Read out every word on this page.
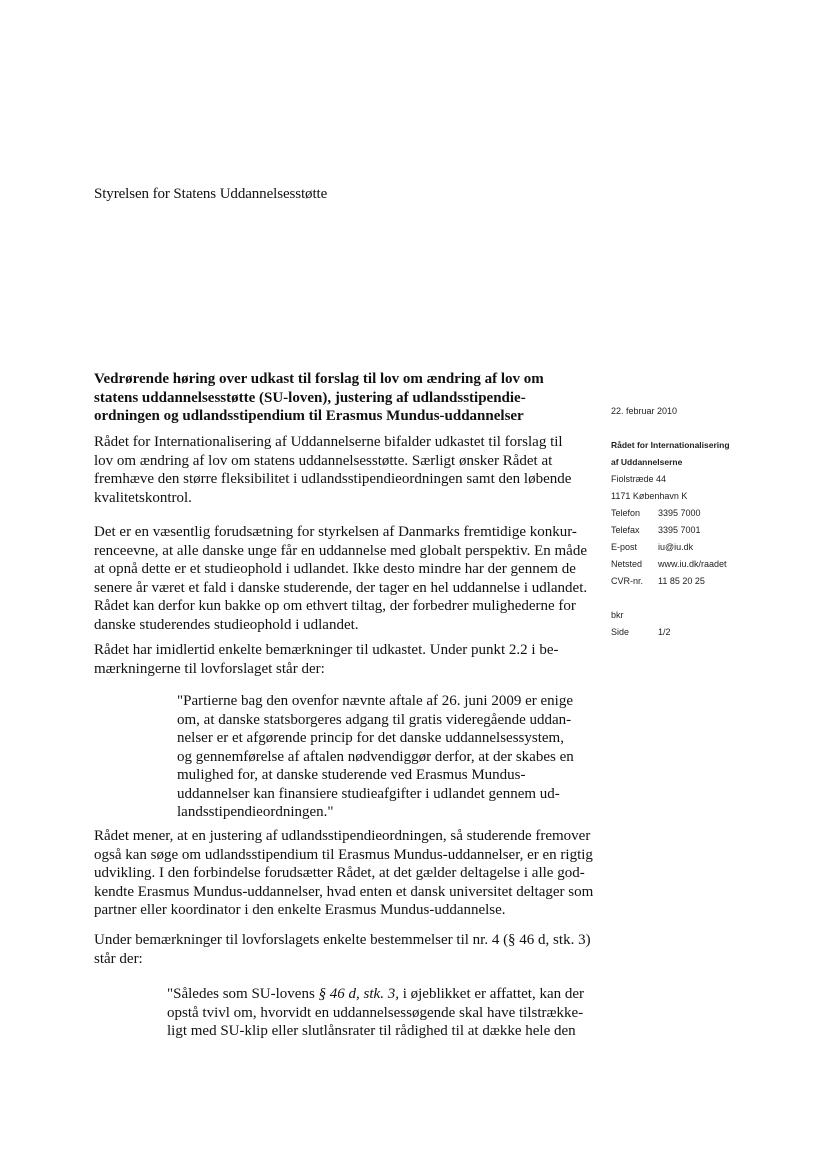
Styrelsen for Statens Uddannelsesstøtte
Vedrørende høring over udkast til forslag til lov om ændring af lov om
statens uddannelsesstøtte (SU-loven), justering af udlandsstipendie-
ordningen og udlandsstipendium til Erasmus Mundus-uddannelser
Rådet for Internationalisering af Uddannelserne bifalder udkastet til forslag til
lov om ændring af lov om statens uddannelsesstøtte. Særligt ønsker Rådet at
fremhæve den større fleksibilitet i udlandsstipendieordningen samt den løbende
kvalitetskontrol.
Det er en væsentlig forudsætning for styrkelsen af Danmarks fremtidige konkur-
renceevne, at alle danske unge får en uddannelse med globalt perspektiv. En måde
at opnå dette er et studieophold i udlandet. Ikke desto mindre har der gennem de
senere år været et fald i danske studerende, der tager en hel uddannelse i udlandet.
Rådet kan derfor kun bakke op om ethvert tiltag, der forbedrer mulighederne for
danske studerendes studieophold i udlandet.
Rådet har imidlertid enkelte bemærkninger til udkastet. Under punkt 2.2 i be-
mærkningerne til lovforslaget står der:
"Partierne bag den ovenfor nævnte aftale af 26. juni 2009 er enige
om, at danske statsborgeres adgang til gratis videregående uddan-
nelser er et afgørende princip for det danske uddannelsessystem,
og gennemførelse af aftalen nødvendiggør derfor, at der skabes en
mulighed for, at danske studerende ved Erasmus Mundus-
uddannelser kan finansiere studieafgifter i udlandet gennem ud-
landsstipendieordningen."
Rådet mener, at en justering af udlandsstipendieordningen, så studerende fremover
også kan søge om udlandsstipendium til Erasmus Mundus-uddannelser, er en rigtig
udvikling. I den forbindelse forudsætter Rådet, at det gælder deltagelse i alle god-
kendte Erasmus Mundus-uddannelser, hvad enten et dansk universitet deltager som
partner eller koordinator i den enkelte Erasmus Mundus-uddannelse.
Under bemærkninger til lovforslagets enkelte bestemmelser til nr. 4 (§ 46 d, stk. 3)
står der:
"Således som SU-lovens § 46 d, stk. 3, i øjeblikket er affattet, kan der
opstå tvivl om, hvorvidt en uddannelsessøgende skal have tilstrække-
ligt med SU-klip eller slutlånsrater til rådighed til at dække hele den
22. februar 2010
Rådet for Internationalisering
af Uddannelserne
Fiolstræde 44
1171 København K
Telefon 3395 7000
Telefax 3395 7001
E-post iu@iu.dk
Netsted www.iu.dk/raadet
CVR-nr. 11 85 20 25
bkr
Side	1/2
